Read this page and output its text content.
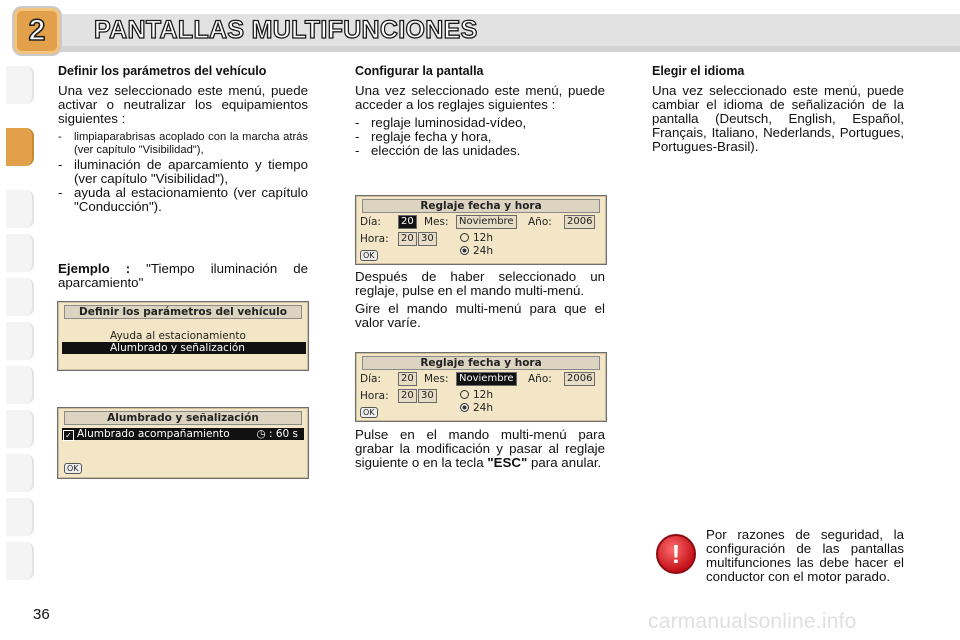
2 PANTALLAS MULTIFUNCIONES
Definir los parámetros del vehículo

Una vez seleccionado este menú, puede activar o neutralizar los equipamientos siguientes :

- limpiaparabrisas acoplado con la marcha atrás (ver capítulo "Visibilidad"),
- iluminación de aparcamiento y tiempo (ver capítulo "Visibilidad"),
- ayuda al estacionamiento (ver capítulo "Conducción").

Ejemplo : "Tiempo iluminación de aparcamiento"

Definir los parámetros del vehículo
Ayuda al estacionamiento
Alumbrado y señalización
Alumbrado y señalización
✓ Alumbrado acompañamiento	◷ : 60 s
OK
Configurar la pantalla

Una vez seleccionado este menú, puede acceder a los reglajes siguientes :

- reglaje luminosidad-vídeo,
- reglaje fecha y hora,
- elección de las unidades.
Reglaje fecha y hora
Día:	20 Mes:	Noviembre Año:	2006
Hora:	20 30	12h
24h
OK

Después de haber seleccionado un reglaje, pulse en el mando multi-menú.

Gire el mando multi-menú para que el valor varíe.

Reglaje fecha y hora
Día:	20 Mes:	Noviembre Año:	2006
Hora:	20 30	12h
24h
OK

Pulse en el mando multi-menú para grabar la modificación y pasar al reglaje siguiente o en la tecla "ESC" para anular.

Elegir el idioma

Una vez seleccionado este menú, puede cambiar el idioma de señalización de la pantalla (Deutsch, English, Español, Français, Italiano, Nederlands, Portugues, Portugues-Brasil).

!

Por razones de seguridad, la configuración de las pantallas multifunciones las debe hacer el conductor con el motor parado.

36	carmanualsonline.info
